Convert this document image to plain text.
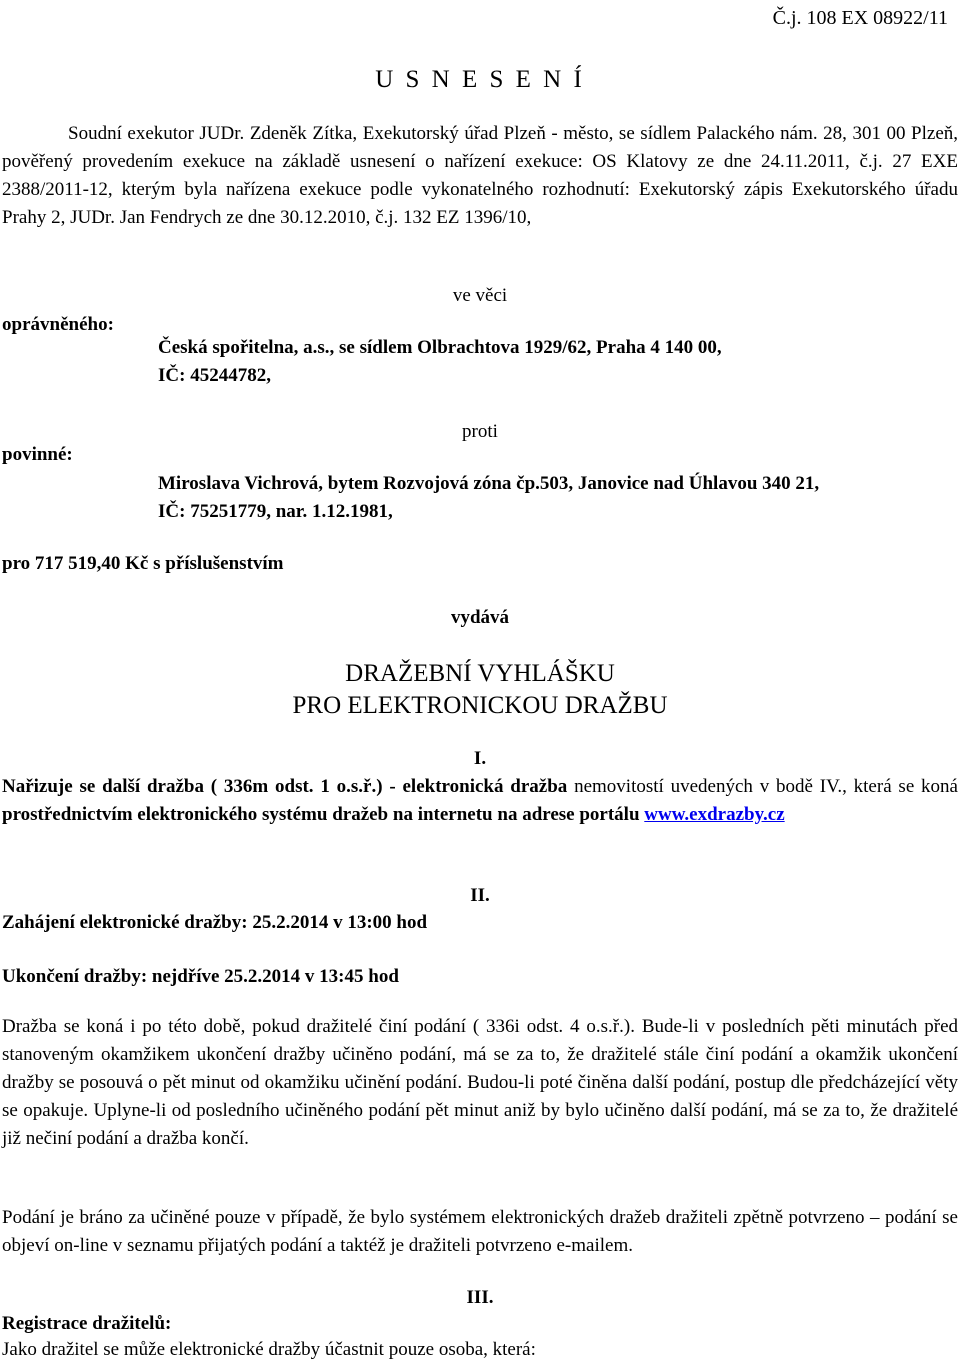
Č.j. 108 EX 08922/11
U S N E S E N Í
Soudní exekutor JUDr. Zdeněk Zítka, Exekutorský úřad Plzeň - město, se sídlem Palackého nám. 28, 301 00 Plzeň, pověřený provedením exekuce na základě usnesení o nařízení exekuce: OS Klatovy ze dne 24.11.2011, č.j. 27 EXE 2388/2011-12, kterým byla nařízena exekuce podle vykonatelného rozhodnutí: Exekutorský zápis Exekutorského úřadu Prahy 2, JUDr. Jan Fendrych ze dne 30.12.2010, č.j. 132 EZ 1396/10,
ve věci
oprávněného:
Česká spořitelna, a.s., se sídlem Olbrachtova 1929/62, Praha 4 140 00,
IČ: 45244782,
proti
povinné:
Miroslava Vichrová, bytem Rozvojová zóna čp.503, Janovice nad Úhlavou 340 21,
IČ: 75251779, nar. 1.12.1981,
pro 717 519,40 Kč s příslušenstvím
vydává
DRAŽEBNÍ VYHLÁŠKU
PRO ELEKTRONICKOU DRAŽBU
I.
Nařizuje se další dražba ( 336m odst. 1 o.s.ř.) - elektronická dražba nemovitostí uvedených v bodě IV., která se koná prostřednictvím elektronického systému dražeb na internetu na adrese portálu www.exdrazby.cz
II.
Zahájení elektronické dražby: 25.2.2014 v 13:00 hod
Ukončení dražby: nejdříve 25.2.2014 v 13:45 hod
Dražba se koná i po této době, pokud dražitelé činí podání ( 336i odst. 4 o.s.ř.). Bude-li v posledních pěti minutách před stanoveným okamžikem ukončení dražby učiněno podání, má se za to, že dražitelé stále činí podání a okamžik ukončení dražby se posouvá o pět minut od okamžiku učinění podání. Budou-li poté činěna další podání, postup dle předcházející věty se opakuje. Uplyne-li od posledního učiněného podání pět minut aniž by bylo učiněno další podání, má se za to, že dražitelé již nečiní podání a dražba končí.
Podání je bráno za učiněné pouze v případě, že bylo systémem elektronických dražeb dražiteli zpětně potvrzeno – podání se objeví on-line v seznamu přijatých podání a taktéž je dražiteli potvrzeno e-mailem.
III.
Registrace dražitelů:
Jako dražitel se může elektronické dražby účastnit pouze osoba, která:
